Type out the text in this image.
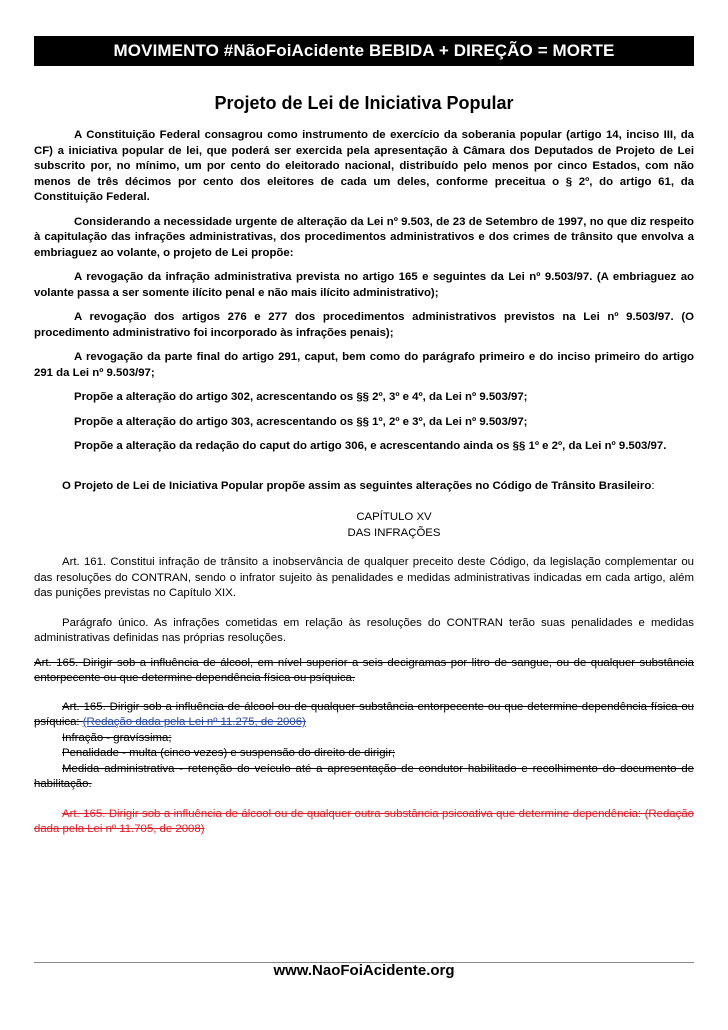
MOVIMENTO #NãoFoiAcidente BEBIDA + DIREÇÃO = MORTE
Projeto de Lei de Iniciativa Popular

A Constituição Federal consagrou como instrumento de exercício da soberania popular (artigo 14, inciso III, da CF) a iniciativa popular de lei, que poderá ser exercida pela apresentação à Câmara dos Deputados de Projeto de Lei subscrito por, no mínimo, um por cento do eleitorado nacional, distribuído pelo menos por cinco Estados, com não menos de três décimos por cento dos eleitores de cada um deles, conforme preceitua o § 2º, do artigo 61, da Constituição Federal.

Considerando a necessidade urgente de alteração da Lei nº 9.503, de 23 de Setembro de 1997, no que diz respeito à capitulação das infrações administrativas, dos procedimentos administrativos e dos crimes de trânsito que envolva a embriaguez ao volante, o projeto de Lei propõe:

A revogação da infração administrativa prevista no artigo 165 e seguintes da Lei nº 9.503/97. (A embriaguez ao volante passa a ser somente ilícito penal e não mais ilícito administrativo);

A revogação dos artigos 276 e 277 dos procedimentos administrativos previstos na Lei nº 9.503/97. (O procedimento administrativo foi incorporado às infrações penais);

A revogação da parte final do artigo 291, caput, bem como do parágrafo primeiro e do inciso primeiro do artigo 291 da Lei nº 9.503/97;

Propõe a alteração do artigo 302, acrescentando os §§ 2º, 3º e 4º, da Lei nº 9.503/97;

Propõe a alteração do artigo 303, acrescentando os §§ 1º, 2º e 3º, da Lei nº 9.503/97;

Propõe a alteração da redação do caput do artigo 306, e acrescentando ainda os §§ 1º e 2º, da Lei nº 9.503/97.

O Projeto de Lei de Iniciativa Popular propõe assim as seguintes alterações no Código de Trânsito Brasileiro:

CAPÍTULO XV

DAS INFRAÇÕES

Art. 161. Constitui infração de trânsito a inobservância de qualquer preceito deste Código, da legislação complementar ou das resoluções do CONTRAN, sendo o infrator sujeito às penalidades e medidas administrativas indicadas em cada artigo, além das punições previstas no Capítulo XIX.

Parágrafo único. As infrações cometidas em relação às resoluções do CONTRAN terão suas penalidades e medidas administrativas definidas nas próprias resoluções.

Art. 165. Dirigir sob a influência de álcool, em nível superior a seis decigramas por litro de sangue, ou de qualquer substância entorpecente ou que determine dependência física ou psíquica.

Art. 165. Dirigir sob a influência de álcool ou de qualquer substância entorpecente ou que determine dependência física ou psíquica: (Redação dada pela Lei nº 11.275, de 2006)

Infração - gravíssima;

Penalidade - multa (cinco vezes) e suspensão do direito de dirigir;

Medida administrativa - retenção do veículo até a apresentação de condutor habilitado e recolhimento do documento de habilitação.

Art. 165. Dirigir sob a influência de álcool ou de qualquer outra substância psicoativa que determine dependência: (Redação dada pela Lei nº 11.705, de 2008)

www.NaoFoiAcidente.org
